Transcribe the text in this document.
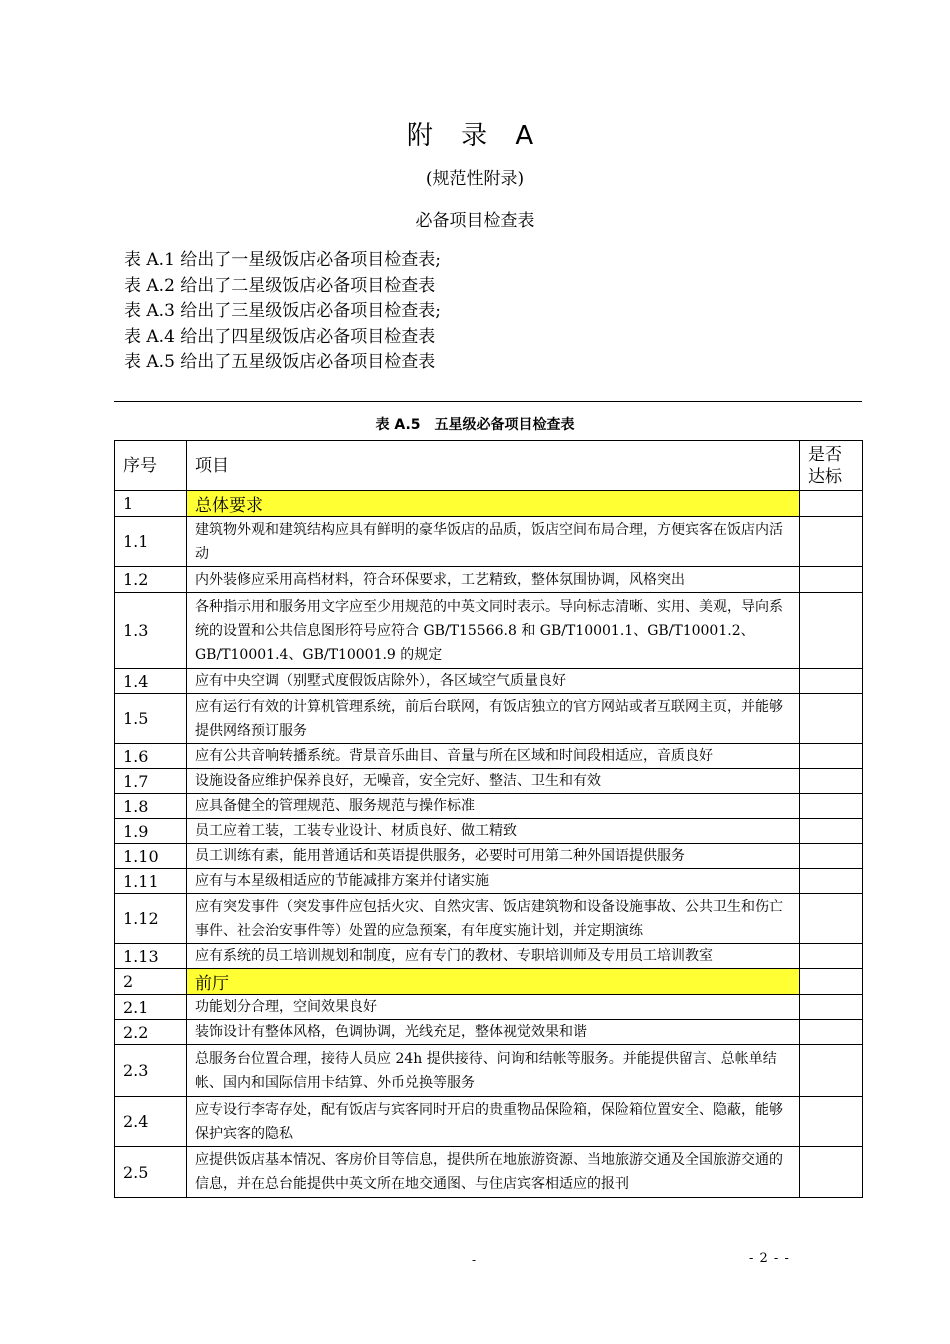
附 录 A
(规范性附录)
必备项目检查表
表 A.1 给出了一星级饭店必备项目检查表;
表 A.2 给出了二星级饭店必备项目检查表
表 A.3 给出了三星级饭店必备项目检查表;
表 A.4 给出了四星级饭店必备项目检查表
表 A.5 给出了五星级饭店必备项目检查表
表 A.5　五星级必备项目检查表
序号	项目	是否达标
1	总体要求	
1.1	建筑物外观和建筑结构应具有鲜明的豪华饭店的品质，饭店空间布局合理，方便宾客在饭店内活动	
1.2	内外装修应采用高档材料，符合环保要求，工艺精致，整体氛围协调，风格突出	
1.3	各种指示用和服务用文字应至少用规范的中英文同时表示。导向标志清晰、实用、美观，导向系统的设置和公共信息图形符号应符合 GB/T15566.8 和 GB/T10001.1、GB/T10001.2、GB/T10001.4、GB/T10001.9 的规定	
1.4	应有中央空调（别墅式度假饭店除外），各区域空气质量良好	
1.5	应有运行有效的计算机管理系统，前后台联网，有饭店独立的官方网站或者互联网主页，并能够提供网络预订服务	
1.6	应有公共音响转播系统。背景音乐曲目、音量与所在区域和时间段相适应，音质良好	
1.7	设施设备应维护保养良好，无噪音，安全完好、整洁、卫生和有效	
1.8	应具备健全的管理规范、服务规范与操作标准	
1.9	员工应着工装，工装专业设计、材质良好、做工精致	
1.10	员工训练有素，能用普通话和英语提供服务，必要时可用第二种外国语提供服务	
1.11	应有与本星级相适应的节能减排方案并付诸实施	
1.12	应有突发事件（突发事件应包括火灾、自然灾害、饭店建筑物和设备设施事故、公共卫生和伤亡事件、社会治安事件等）处置的应急预案，有年度实施计划，并定期演练	
1.13	应有系统的员工培训规划和制度，应有专门的教材、专职培训师及专用员工培训教室	
2	前厅	
2.1	功能划分合理，空间效果良好	
2.2	装饰设计有整体风格，色调协调，光线充足，整体视觉效果和谐	
2.3	总服务台位置合理，接待人员应 24h 提供接待、问询和结帐等服务。并能提供留言、总帐单结帐、国内和国际信用卡结算、外币兑换等服务	
2.4	应专设行李寄存处，配有饭店与宾客同时开启的贵重物品保险箱，保险箱位置安全、隐蔽，能够保护宾客的隐私	
2.5	应提供饭店基本情况、客房价目等信息，提供所在地旅游资源、当地旅游交通及全国旅游交通的信息，并在总台能提供中英文所在地交通图、与住店宾客相适应的报刊	
-	- 2 - -
